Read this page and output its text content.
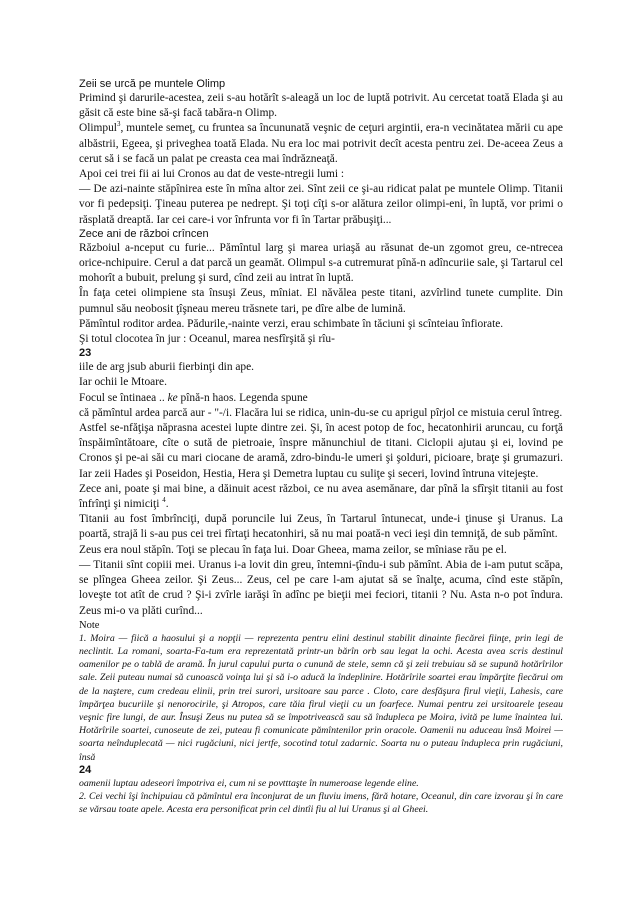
Zeii se urcă pe muntele Olimp
Primind şi darurile-acestea, zeii s-au hotărît s-aleagă un loc de luptă potrivit. Au cercetat toată Elada şi au găsit că este bine să-şi facă tabăra-n Olimp.
Olimpul$^3$, muntele semeţ, cu fruntea sa încununată veşnic de ceţuri argintii, era-n vecinătatea mării cu ape albăstrii, Egeea, şi priveghea toată Elada. Nu era loc mai potrivit decît acesta pentru zei. De-aceea Zeus a cerut să i se facă un palat pe creasta cea mai îndrăzneaţă.
Apoi cei trei fii ai lui Cronos au dat de veste-ntregii lumi :
— De azi-nainte stăpînirea este în mîna altor zei. Sînt zeii ce şi-au ridicat palat pe muntele Olimp. Titanii vor fi pedepsiţi. Ţineau puterea pe nedrept. Şi toţi cîţi s-or alătura zeilor olimpi-eni, în luptă, vor primi o răsplată dreaptă. Iar cei care-i vor înfrunta vor fi în Tartar prăbuşiţi...
Zece ani de război crîncen
Războiul a-nceput cu furie... Pămîntul larg şi marea uriaşă au răsunat de-un zgomot greu, ce-ntrecea orice-nchipuire. Cerul a dat parcă un geamăt. Olimpul s-a cutremurat pînă-n adîncuriie sale, şi Tartarul cel mohorît a bubuit, prelung şi surd, cînd zeii au intrat în luptă.
În faţa cetei olimpiene sta însuşi Zeus, mîniat. El năvălea peste titani, azvîrlind tunete cumplite. Din pumnul său neobosit ţîşneau mereu trăsnete tari, pe dîre albe de lumină.
Pămîntul roditor ardea. Pădurile,-nainte verzi, erau schimbate în tăciuni şi scînteiau înfiorate.
Şi totul clocotea în jur : Oceanul, marea nesfîrşită şi rîu-
23
iile de arg jsub aburii fierbinţi din ape.
Iar ochii le Mtoare.
Focul se întinaea .. ke pînă-n haos. Legenda spune
că pămîntul ardea parcă aur - "-/i. Flacăra lui se ridica, unin-du-se cu aprigul pîrjol ce mistuia cerul întreg.
Astfel se-nfăţişa năprasna acestei lupte dintre zei. Şi, în acest potop de foc, hecatonhirii aruncau, cu forţă înspăimîntătoare, cîte o sută de pietroaie, înspre mănunchiul de titani. Ciclopii ajutau şi ei, lovind pe Cronos şi pe-ai săi cu mari ciocane de aramă, zdro-bindu-le umeri şi şolduri, picioare, braţe şi grumazuri. Iar zeii Hades şi Poseidon, Hestia, Hera şi Demetra luptau cu suliţe şi seceri, lovind întruna vitejeşte.
Zece ani, poate şi mai bine, a dăinuit acest război, ce nu avea asemănare, dar pînă la sfîrşit titanii au fost înfrînţi şi nimiciţi $^4$.
Titanii au fost îmbrînciţi, după poruncile lui Zeus, în Tartarul întunecat, unde-i ţinuse şi Uranus. La poartă, strajă li s-au pus cei trei fîrtaţi hecatonhiri, să nu mai poată-n veci ieşi din temniţă, de sub pămînt.
Zeus era noul stăpîn. Toţi se plecau în faţa lui. Doar Gheea, mama zeilor, se mîniase rău pe el.
— Titanii sînt copiii mei. Uranus i-a lovit din greu, întemni-ţîndu-i sub pămînt. Abia de i-am putut scăpa, se plîngea Gheea zeilor. Şi Zeus... Zeus, cel pe care l-am ajutat să se înalţe, acuma, cînd este stăpîn, loveşte tot atît de crud ? Şi-i zvîrle iarăşi în adînc pe bieţii mei feciori, titanii ? Nu. Asta n-o pot îndura. Zeus mi-o va plăti curînd...
Note
1. Moira — fiică a haosului şi a nopţii — reprezenta pentru elini destinul stabilit dinainte fiecărei fiinţe, prin legi de neclintit. La romani, soarta-Fa-tum era reprezentată printr-un bărîn orb sau legat la ochi. Acesta avea scris destinul oamenilor pe o tablă de aramă. În jurul capului purta o cunună de stele, semn că şi zeii trebuiau să se supună hotărîrilor sale. Zeii puteau numai să cunoască voinţa lui şi să i-o aducă la îndeplinire. Hotărîrile soartei erau împărţite fiecărui om de la naştere, cum credeau elinii, prin trei surori, ursitoare sau parce . Cloto, care desfăşura firul vieţii, Lahesis, care împărţea bucuriile şi nenorocirile, şi Atropos, care tăia firul vieţii cu un foarfece. Numai pentru zei ursitoarele ţeseau veşnic fire lungi, de aur. Însuşi Zeus nu putea să se împotrivească sau să îndupleca pe Moira, ivită pe lume înaintea lui. Hotărîrile soartei, cunoseute de zei, puteau fi comunicate pămîntenilor prin oracole. Oamenii nu aduceau însă Moirei — soarta neînduplecată — nici rugăciuni, nici jertfe, socotind totul zadarnic. Soarta nu o puteau îndupleca prin rugăciuni, însă
24
oamenii luptau adeseori împotriva ei, cum ni se povtttaşte în numeroase legende eline.
2. Cei vechi îşi închipuiau că pămîntul era înconjurat de un fluviu imens, fără hotare, Oceanul, din care izvorau şi în care se vărsau toate apele. Acesta era personificat prin cel dintîi fiu al lui Uranus şi al Gheei.
